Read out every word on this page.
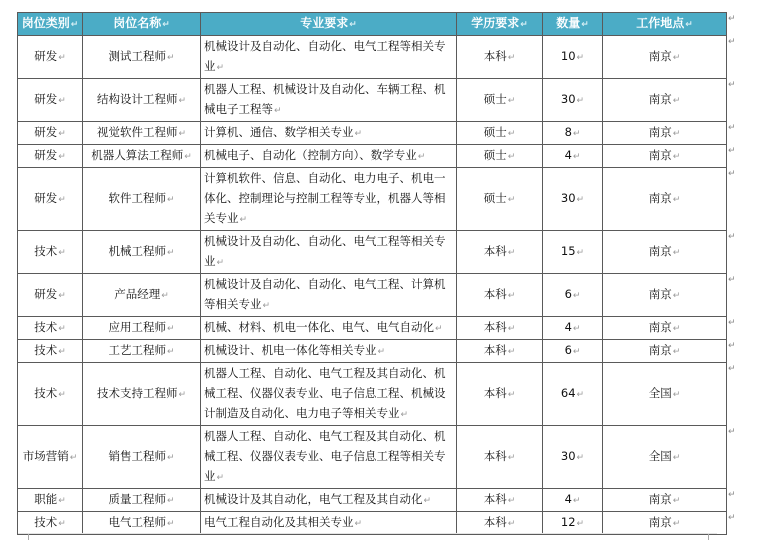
岗位类别↵	岗位名称↵	专业要求↵	学历要求↵	数量↵	工作地点↵
研发↵	测试工程师↵	机械设计及自动化、自动化、电气工程等相关专业↵	本科↵	10↵	南京↵
研发↵	结构设计工程师↵	机器人工程、机械设计及自动化、车辆工程、机械电子工程等↵	硕士↵	30↵	南京↵
研发↵	视觉软件工程师↵	计算机、通信、数学相关专业↵	硕士↵	8↵	南京↵
研发↵	机器人算法工程师↵	机械电子、自动化（控制方向）、数学专业↵	硕士↵	4↵	南京↵
研发↵	软件工程师↵	计算机软件、信息、自动化、电力电子、机电一体化、控制理论与控制工程等专业，机器人等相关专业↵	硕士↵	30↵	南京↵
技术↵	机械工程师↵	机械设计及自动化、自动化、电气工程等相关专业↵	本科↵	15↵	南京↵
研发↵	产品经理↵	机械设计及自动化、自动化、电气工程、计算机等相关专业↵	本科↵	6↵	南京↵
技术↵	应用工程师↵	机械、材料、机电一体化、电气、电气自动化↵	本科↵	4↵	南京↵
技术↵	工艺工程师↵	机械设计、机电一体化等相关专业↵	本科↵	6↵	南京↵
技术↵	技术支持工程师↵	机器人工程、自动化、电气工程及其自动化、机械工程、仪器仪表专业、电子信息工程、机械设计制造及自动化、电力电子等相关专业↵	本科↵	64↵	全国↵
市场营销↵	销售工程师↵	机器人工程、自动化、电气工程及其自动化、机械工程、仪器仪表专业、电子信息工程等相关专业↵	本科↵	30↵	全国↵
职能↵	质量工程师↵	机械设计及其自动化，电气工程及其自动化↵	本科↵	4↵	南京↵
技术↵	电气工程师↵	电气工程自动化及其相关专业↵	本科↵	12↵	南京↵
↵
↵
↵
↵
↵
↵
↵
↵
↵
↵
↵
↵
↵
↵
